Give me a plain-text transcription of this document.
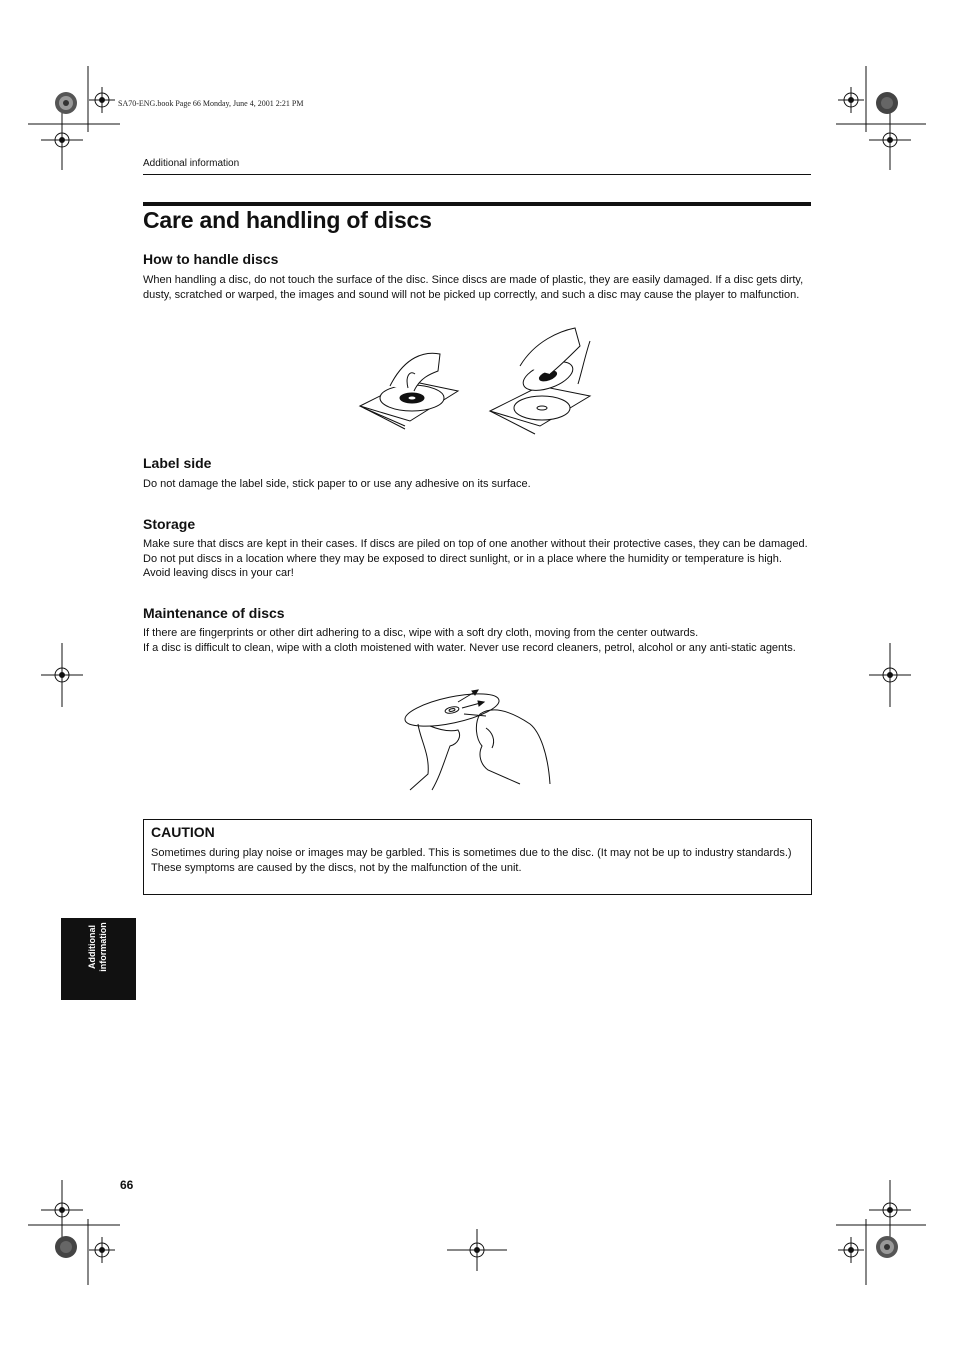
SA70-ENG.book Page 66 Monday, June 4, 2001 2:21 PM
Additional information
Care and handling of discs
How to handle discs
When handling a disc, do not touch the surface of the disc. Since discs are made of plastic, they are easily damaged. If a disc gets dirty, dusty, scratched or warped, the images and sound will not be picked up correctly, and such a disc may cause the player to malfunction.
Label side
Do not damage the label side, stick paper to or use any adhesive on its surface.
Storage
Make sure that discs are kept in their cases. If discs are piled on top of one another without their protective cases, they can be damaged. Do not put discs in a location where they may be exposed to direct sunlight, or in a place where the humidity or temperature is high. Avoid leaving discs in your car!
Maintenance of discs
If there are fingerprints or other dirt adhering to a disc, wipe with a soft dry cloth, moving from the center outwards.
If a disc is difficult to clean, wipe with a cloth moistened with water. Never use record cleaners, petrol, alcohol or any anti-static agents.
CAUTION
Sometimes during play noise or images may be garbled. This is sometimes due to the disc. (It may not be up to industry standards.)
These symptoms are caused by the discs, not by the malfunction of the unit.
Additional information
66
